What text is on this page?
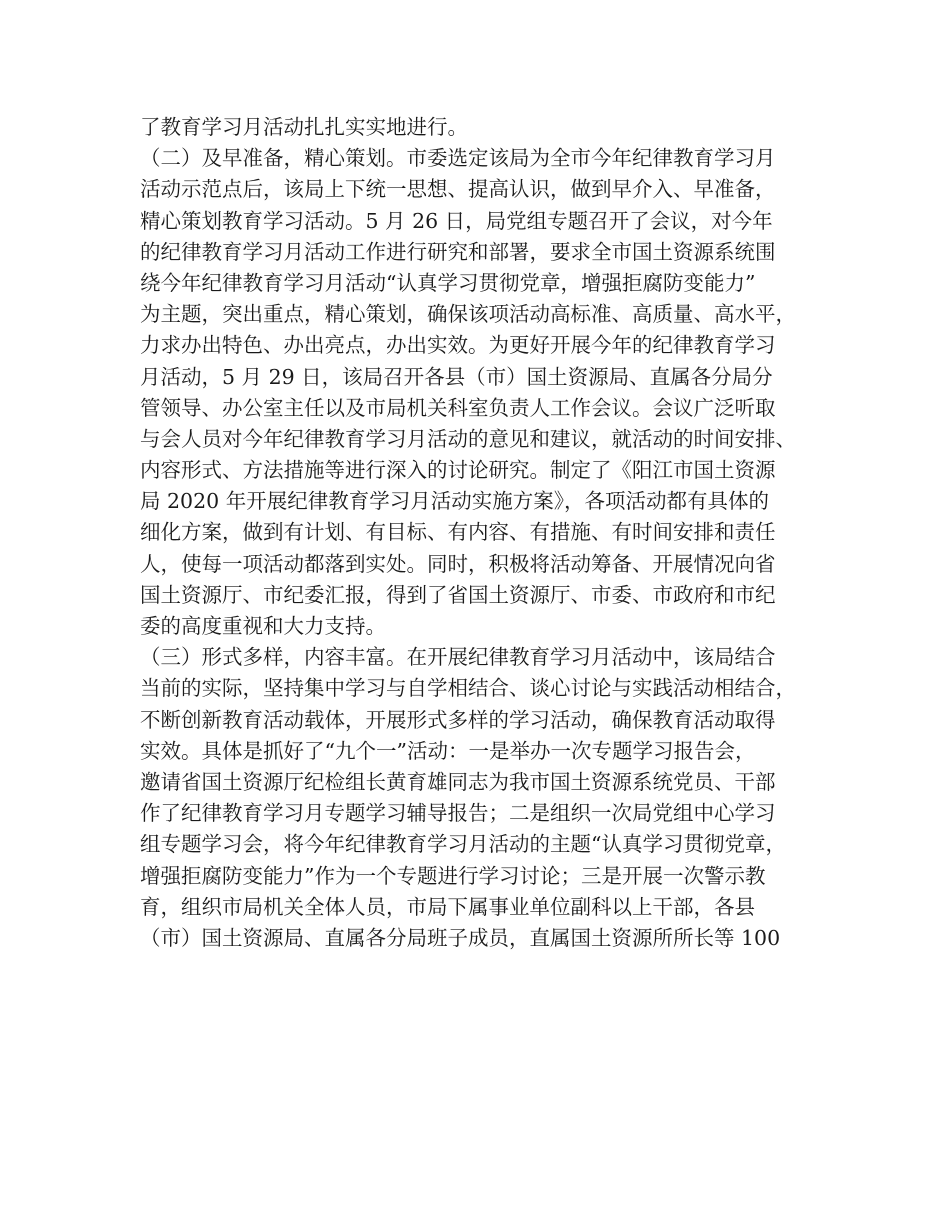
了教育学习月活动扎扎实实地进行。
（二）及早准备，精心策划。市委选定该局为全市今年纪律教育学习月
活动示范点后，该局上下统一思想、提高认识，做到早介入、早准备，
精心策划教育学习活动。5 月 26 日，局党组专题召开了会议，对今年
的纪律教育学习月活动工作进行研究和部署，要求全市国土资源系统围
绕今年纪律教育学习月活动“认真学习贯彻党章，增强拒腐防变能力”
为主题，突出重点，精心策划，确保该项活动高标准、高质量、高水平，
力求办出特色、办出亮点，办出实效。为更好开展今年的纪律教育学习
月活动，5 月 29 日，该局召开各县（市）国土资源局、直属各分局分
管领导、办公室主任以及市局机关科室负责人工作会议。会议广泛听取
与会人员对今年纪律教育学习月活动的意见和建议，就活动的时间安排、
内容形式、方法措施等进行深入的讨论研究。制定了《阳江市国土资源
局 2020 年开展纪律教育学习月活动实施方案》，各项活动都有具体的
细化方案，做到有计划、有目标、有内容、有措施、有时间安排和责任
人，使每一项活动都落到实处。同时，积极将活动筹备、开展情况向省
国土资源厅、市纪委汇报，得到了省国土资源厅、市委、市政府和市纪
委的高度重视和大力支持。
（三）形式多样，内容丰富。在开展纪律教育学习月活动中，该局结合
当前的实际，坚持集中学习与自学相结合、谈心讨论与实践活动相结合，
不断创新教育活动载体，开展形式多样的学习活动，确保教育活动取得
实效。具体是抓好了“九个一”活动：一是举办一次专题学习报告会，
邀请省国土资源厅纪检组长黄育雄同志为我市国土资源系统党员、干部
作了纪律教育学习月专题学习辅导报告；二是组织一次局党组中心学习
组专题学习会，将今年纪律教育学习月活动的主题“认真学习贯彻党章，
增强拒腐防变能力”作为一个专题进行学习讨论；三是开展一次警示教
育，组织市局机关全体人员，市局下属事业单位副科以上干部，各县
（市）国土资源局、直属各分局班子成员，直属国土资源所所长等 100
